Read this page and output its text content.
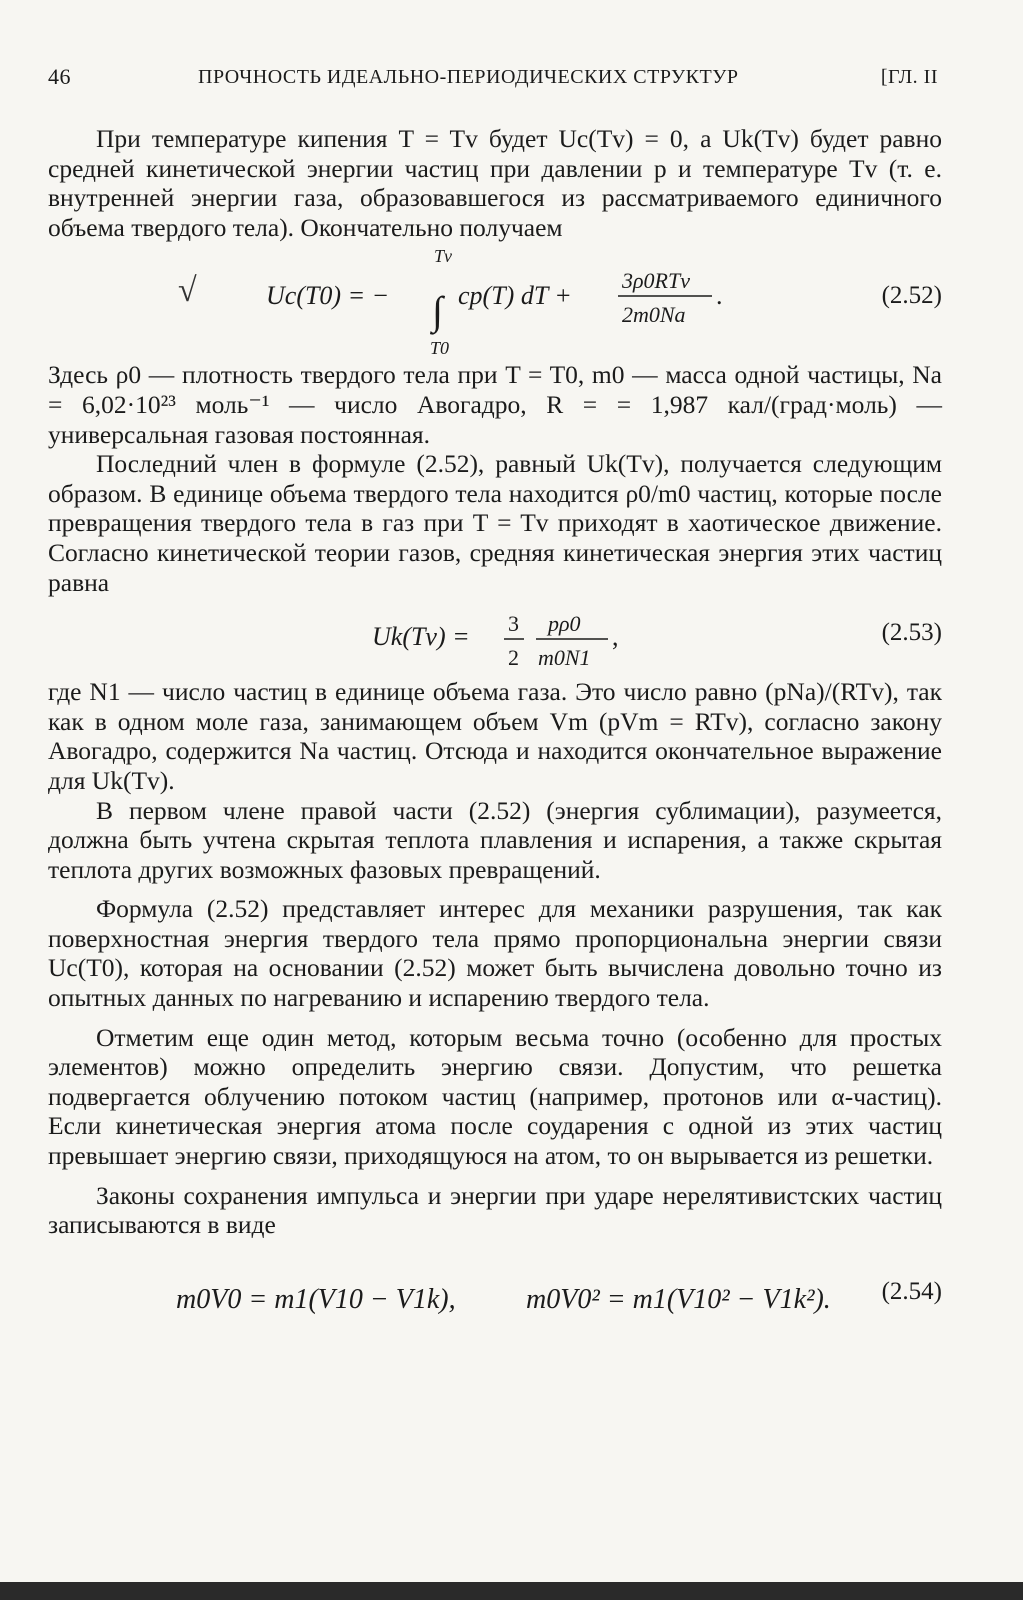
46	ПРОЧНОСТЬ ИДЕАЛЬНО-ПЕРИОДИЧЕСКИХ СТРУКТУР	[ГЛ. II

При температуре кипения T = Tv будет Uc(Tv) = 0, а Uk(Tv) будет равно средней кинетической энергии частиц при давлении p и температуре Tv (т. е. внутренней энергии газа, образовавшегося из рассматриваемого единичного объема твердого тела). Окончательно получаем

√	Uc(T0) = −
Tv
∫
T0
cp(T) dT +
3ρ0RTv
2m0Na
.	(2.52)

Здесь ρ0 — плотность твердого тела при T = T0, m0 — масса одной частицы, Na = 6,02·10²³ моль⁻¹ — число Авогадро, R = = 1,987 кал/(град·моль) — универсальная газовая постоянная.

Последний член в формуле (2.52), равный Uk(Tv), получается следующим образом. В единице объема твердого тела находится ρ0/m0 частиц, которые после превращения твердого тела в газ при T = Tv приходят в хаотическое движение. Согласно кинетической теории газов, средняя кинетическая энергия этих частиц равна

Uk(Tv) = 3
2
pρ0
m0N1
,	(2.53)

где N1 — число частиц в единице объема газа. Это число равно (pNa)/(RTv), так как в одном моле газа, занимающем объем Vm (pVm = RTv), согласно закону Авогадро, содержится Na частиц. Отсюда и находится окончательное выражение для Uk(Tv).

В первом члене правой части (2.52) (энергия сублимации), разумеется, должна быть учтена скрытая теплота плавления и испарения, а также скрытая теплота других возможных фазовых превращений.

Формула (2.52) представляет интерес для механики разрушения, так как поверхностная энергия твердого тела прямо пропорциональна энергии связи Uc(T0), которая на основании (2.52) может быть вычислена довольно точно из опытных данных по нагреванию и испарению твердого тела.

Отметим еще один метод, которым весьма точно (особенно для простых элементов) можно определить энергию связи. Допустим, что решетка подвергается облучению потоком частиц (например, протонов или α-частиц). Если кинетическая энергия атома после соударения с одной из этих частиц превышает энергию связи, приходящуюся на атом, то он вырывается из решетки.

Законы сохранения импульса и энергии при ударе нерелятивистских частиц записываются в виде

m0V0 = m1(V10 − V1k),	m0V0² = m1(V10² − V1k²). (2.54)
